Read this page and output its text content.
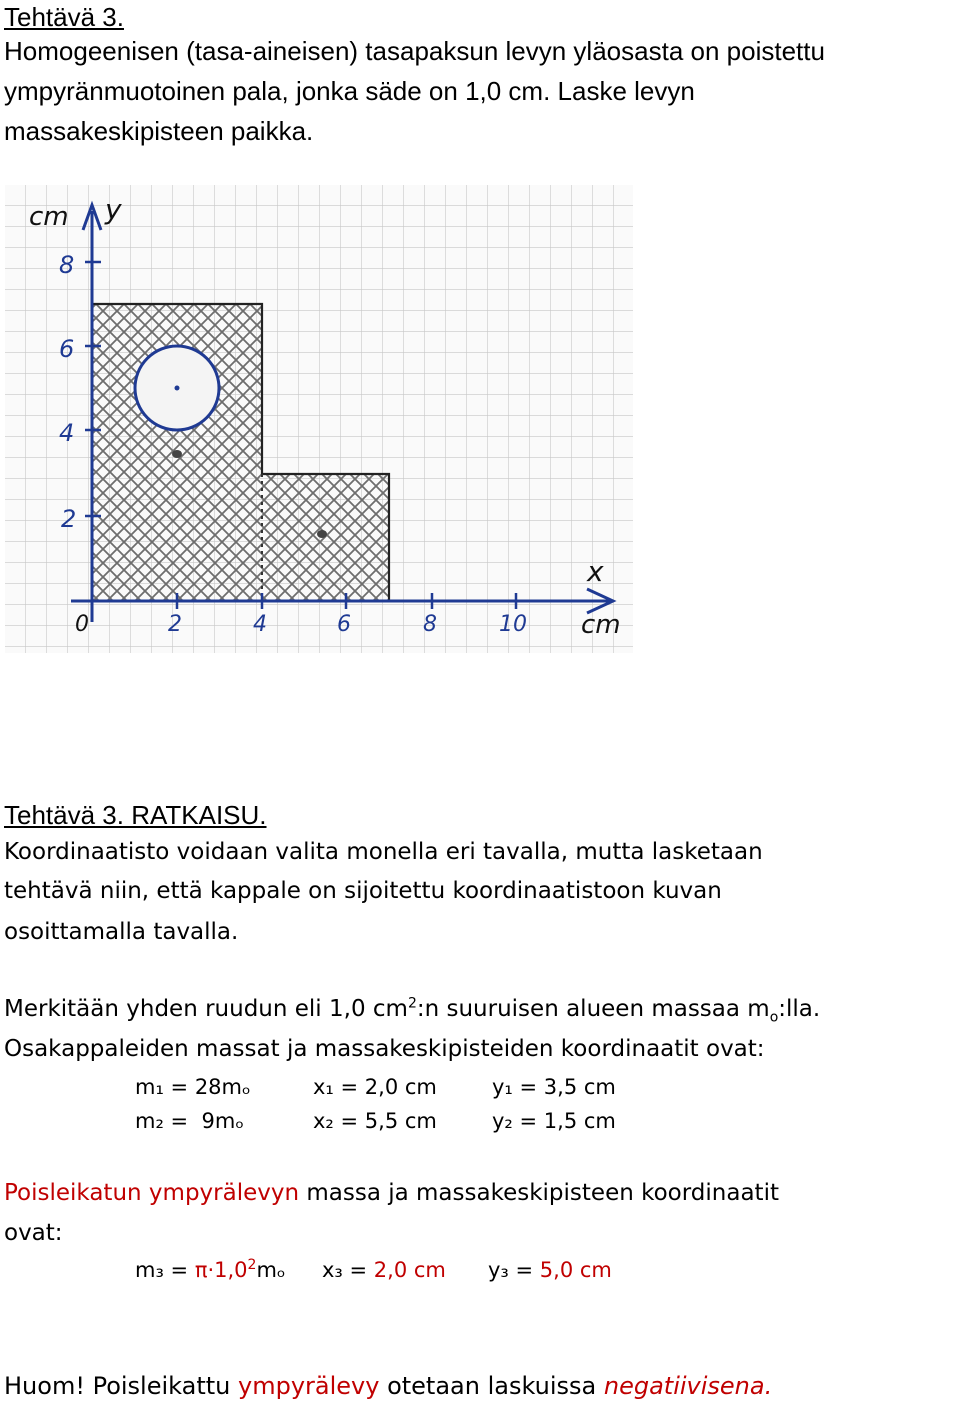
Tehtävä 3.
Homogeenisen (tasa-aineisen) tasapaksun levyn yläosasta on poistettu
ympyränmuotoinen pala, jonka säde on 1,0 cm. Laske levyn
massakeskipisteen paikka.
cm y
8
6
4
2
0	2	4	6	8	10
x
cm
Tehtävä 3. RATKAISU.
Koordinaatisto voidaan valita monella eri tavalla, mutta lasketaan
tehtävä niin, että kappale on sijoitettu koordinaatistoon kuvan
osoittamalla tavalla.
Merkitään yhden ruudun eli 1,0 $cm^2:n$ suuruisen alueen massaa $m_o:lla$.
Osakappaleiden massat ja massakeskipisteiden koordinaatit ovat:
m₁ = 28mₒ	x₁ = 2,0 cm	y₁ = 3,5 cm
m₂ =  9mₒ	x₂ = 5,5 cm	y₂ = 1,5 cm
Poisleikatun ympyrälevyn massa ja massakeskipisteen koordinaatit
ovat:
$m_3 = \pi\cdot 1,0^2m_o$ x₃ = 2,0 cm y₃ = 5,0 cm
Huom! Poisleikattu ympyrälevy otetaan laskuissa negatiivisena.
